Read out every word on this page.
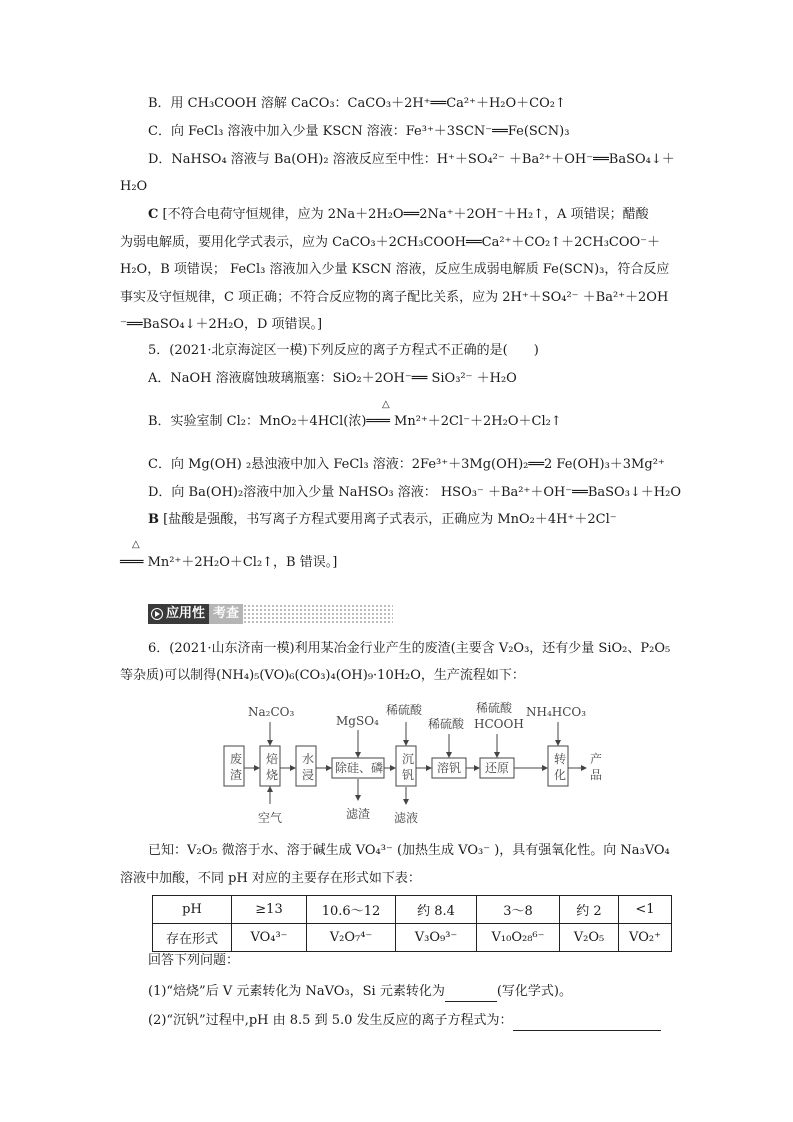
B．用 CH₃COOH 溶解 CaCO₃：CaCO₃＋2H⁺══Ca²⁺＋H₂O＋CO₂↑
C．向 FeCl₃ 溶液中加入少量 KSCN 溶液：Fe³⁺＋3SCN⁻══Fe(SCN)₃
D．NaHSO₄ 溶液与 Ba(OH)₂ 溶液反应至中性：H⁺＋SO₄²⁻ ＋Ba²⁺＋OH⁻══BaSO₄↓＋
H₂O
C [不符合电荷守恒规律，应为 2Na＋2H₂O══2Na⁺＋2OH⁻＋H₂↑，A 项错误；醋酸
为弱电解质，要用化学式表示，应为 CaCO₃＋2CH₃COOH══Ca²⁺＋CO₂↑＋2CH₃COO⁻＋
H₂O，B 项错误； FeCl₃ 溶液加入少量 KSCN 溶液，反应生成弱电解质 Fe(SCN)₃，符合反应
事实及守恒规律，C 项正确；不符合反应物的离子配比关系，应为 2H⁺＋SO₄²⁻ ＋Ba²⁺＋2OH
⁻══BaSO₄↓＋2H₂O，D 项错误。]
5．(2021·北京海淀区一模)下列反应的离子方程式不正确的是(　　)
A．NaOH 溶液腐蚀玻璃瓶塞：SiO₂＋2OH⁻══ SiO₃²⁻ ＋H₂O
△
B．实验室制 Cl₂：MnO₂＋4HCl(浓)═══ Mn²⁺＋2Cl⁻＋2H₂O＋Cl₂↑
C．向 Mg(OH) ₂悬浊液中加入 FeCl₃ 溶液：2Fe³⁺＋3Mg(OH)₂══2 Fe(OH)₃＋3Mg²⁺
D．向 Ba(OH)₂溶液中加入少量 NaHSO₃ 溶液： HSO₃⁻ ＋Ba²⁺＋OH⁻══BaSO₃↓＋H₂O
B [盐酸是强酸，书写离子方程式要用离子式表示，正确应为 MnO₂＋4H⁺＋2Cl⁻
△
═══ Mn²⁺＋2H₂O＋Cl₂↑，B 错误。]
应用性 考查
6．(2021·山东济南一模)利用某冶金行业产生的废渣(主要含 V₂O₃，还有少量 SiO₂、P₂O₅
等杂质)可以制得(NH₄)₅(VO)₆(CO₃)₄(OH)₉·10H₂O，生产流程如下：
废渣
焙烧
水浸 除硅、磷
沉钒 溶钒 还原
转化
产品
Na₂CO₃
MgSO₄
稀硫酸
稀硫酸
稀硫酸
HCOOH
NH₄HCO₃
空气	滤渣 滤液
已知：V₂O₅ 微溶于水、溶于碱生成 VO₄³⁻ (加热生成 VO₃⁻ )，具有强氧化性。向 Na₃VO₄
溶液中加酸，不同 pH 对应的主要存在形式如下表：
pH	≥13	10.6～12	约 8.4	3～8	约 2	<1
存在形式	VO₄³⁻	V₂O₇⁴⁻	V₃O₉³⁻	V₁₀O₂₈⁶⁻	V₂O₅	VO₂⁺
回答下列问题：
(1)“焙烧”后 V 元素转化为 NaVO₃，Si 元素转化为	(写化学式)。
(2)“沉钒”过程中,pH 由 8.5 到 5.0 发生反应的离子方程式为：
